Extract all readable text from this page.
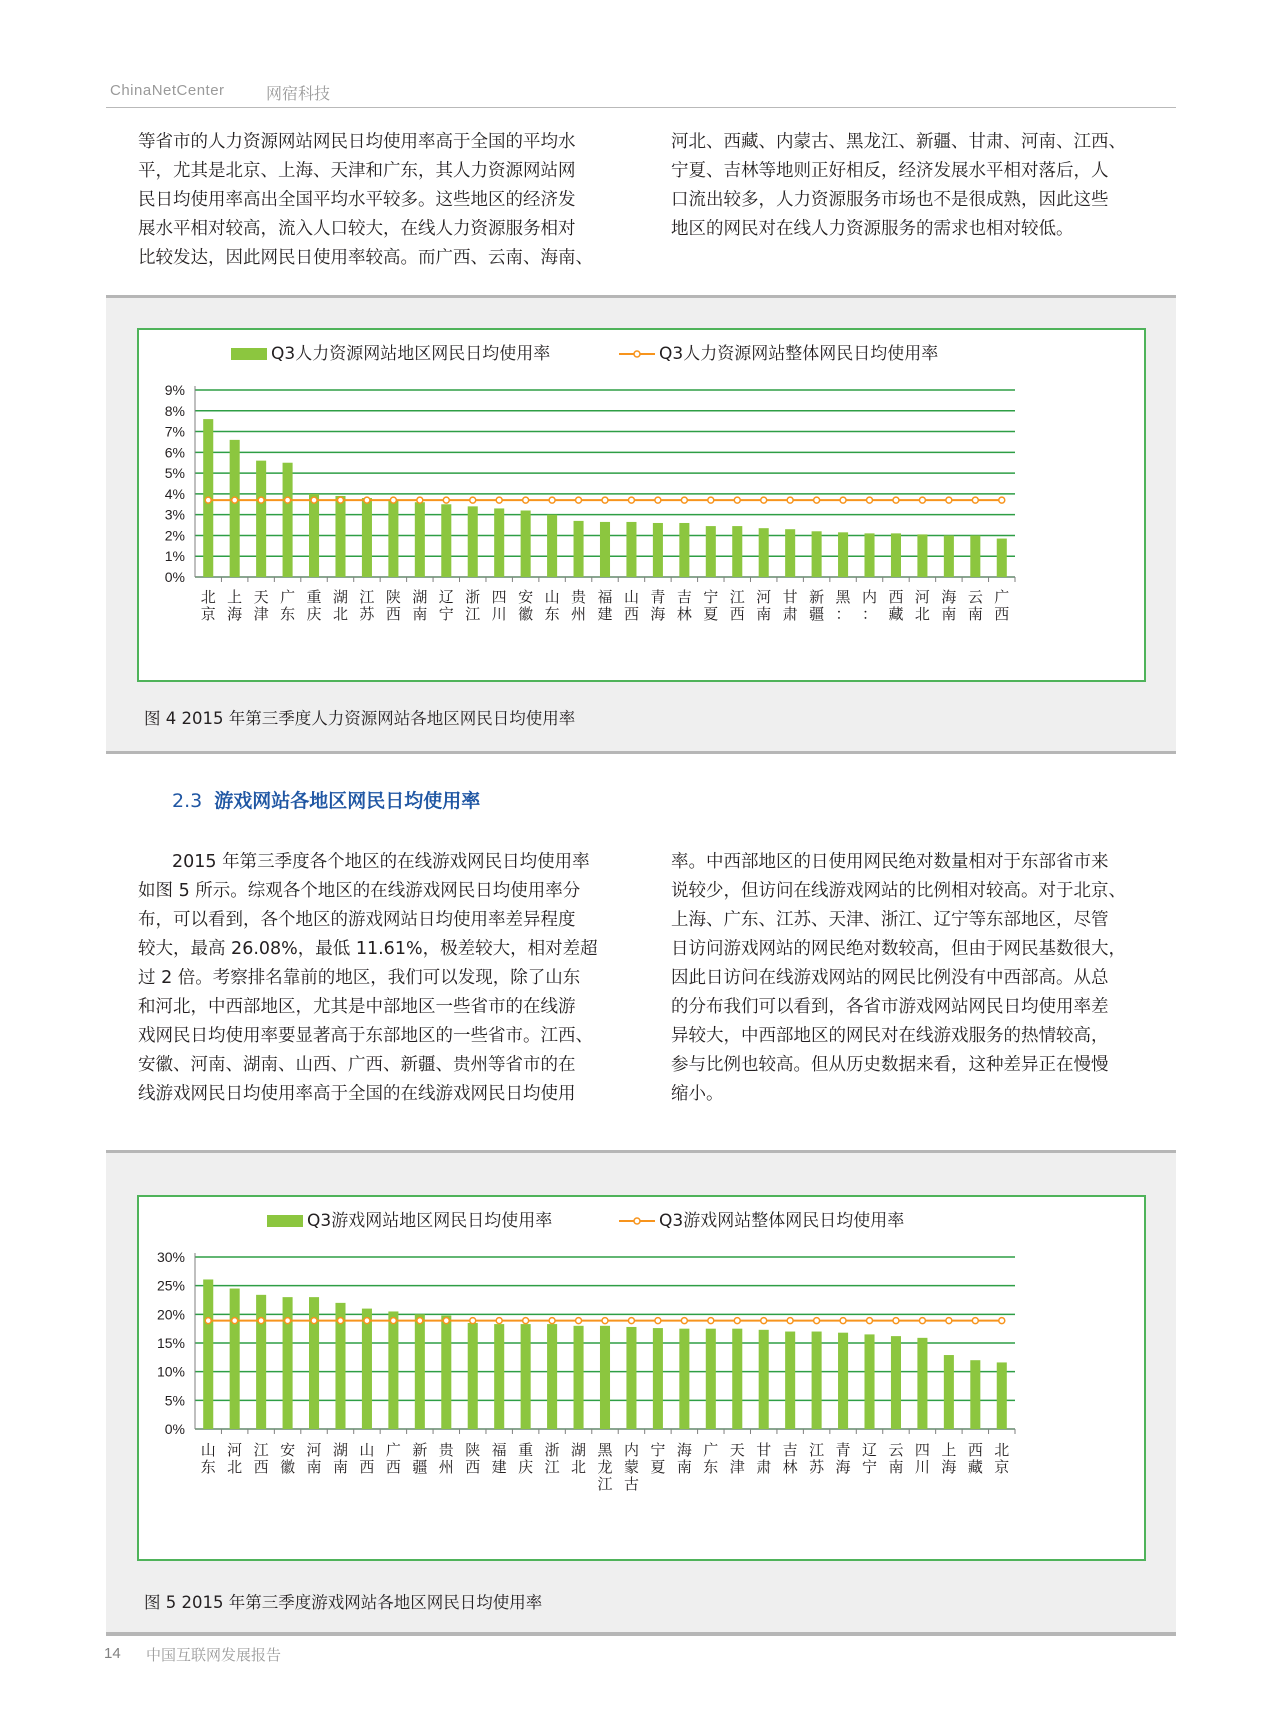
ChinaNetCenter	网宿科技
等省市的人力资源网站网民日均使用率高于全国的平均水
平，尤其是北京、上海、天津和广东，其人力资源网站网
民日均使用率高出全国平均水平较多。这些地区的经济发
展水平相对较高，流入人口较大，在线人力资源服务相对
比较发达，因此网民日使用率较高。而广西、云南、海南、
河北、西藏、内蒙古、黑龙江、新疆、甘肃、河南、江西、
宁夏、吉林等地则正好相反，经济发展水平相对落后，人
口流出较多，人力资源服务市场也不是很成熟，因此这些
地区的网民对在线人力资源服务的需求也相对较低。
Q3人力资源网站地区网民日均使用率	Q3人力资源网站整体网民日均使用率
0%
1%
2%
3%
4%
5%
6%
7%
8%
9%
北
京
上
海
天
津
广
东
重
庆
湖
北
江
苏
陕
西
湖
南
辽
宁
浙
江
四
川
安
徽
山
东
贵
州
福
建
山
西
青
海
吉
林
宁
夏
江
西
河
南
甘
肃
新
疆
黑
：
内
：
西
藏
河
北
海
南
云
南
广
西
图 4 2015 年第三季度人力资源网站各地区网民日均使用率
2.3 游戏网站各地区网民日均使用率
2015 年第三季度各个地区的在线游戏网民日均使用率
如图 5 所示。综观各个地区的在线游戏网民日均使用率分
布，可以看到，各个地区的游戏网站日均使用率差异程度
较大，最高 26.08%，最低 11.61%，极差较大，相对差超
过 2 倍。考察排名靠前的地区，我们可以发现，除了山东
和河北，中西部地区，尤其是中部地区一些省市的在线游
戏网民日均使用率要显著高于东部地区的一些省市。江西、
安徽、河南、湖南、山西、广西、新疆、贵州等省市的在
线游戏网民日均使用率高于全国的在线游戏网民日均使用
率。中西部地区的日使用网民绝对数量相对于东部省市来
说较少，但访问在线游戏网站的比例相对较高。对于北京、
上海、广东、江苏、天津、浙江、辽宁等东部地区，尽管
日访问游戏网站的网民绝对数较高，但由于网民基数很大，
因此日访问在线游戏网站的网民比例没有中西部高。从总
的分布我们可以看到，各省市游戏网站网民日均使用率差
异较大，中西部地区的网民对在线游戏服务的热情较高，
参与比例也较高。但从历史数据来看，这种差异正在慢慢
缩小。
Q3游戏网站地区网民日均使用率	Q3游戏网站整体网民日均使用率
0%
5%
10%
15%
20%
25%
30%
山
东
河
北
江
西
安
徽
河
南
湖
南
山
西
广
西
新
疆
贵
州
陕
西
福
建
重
庆
浙
江
湖
北
黑
龙
江
内
蒙
古
宁
夏
海
南
广
东
天
津
甘
肃
吉
林
江
苏
青
海
辽
宁
云
南
四
川
上
海
西
藏
北
京
图 5 2015 年第三季度游戏网站各地区网民日均使用率
14 中国互联网发展报告
